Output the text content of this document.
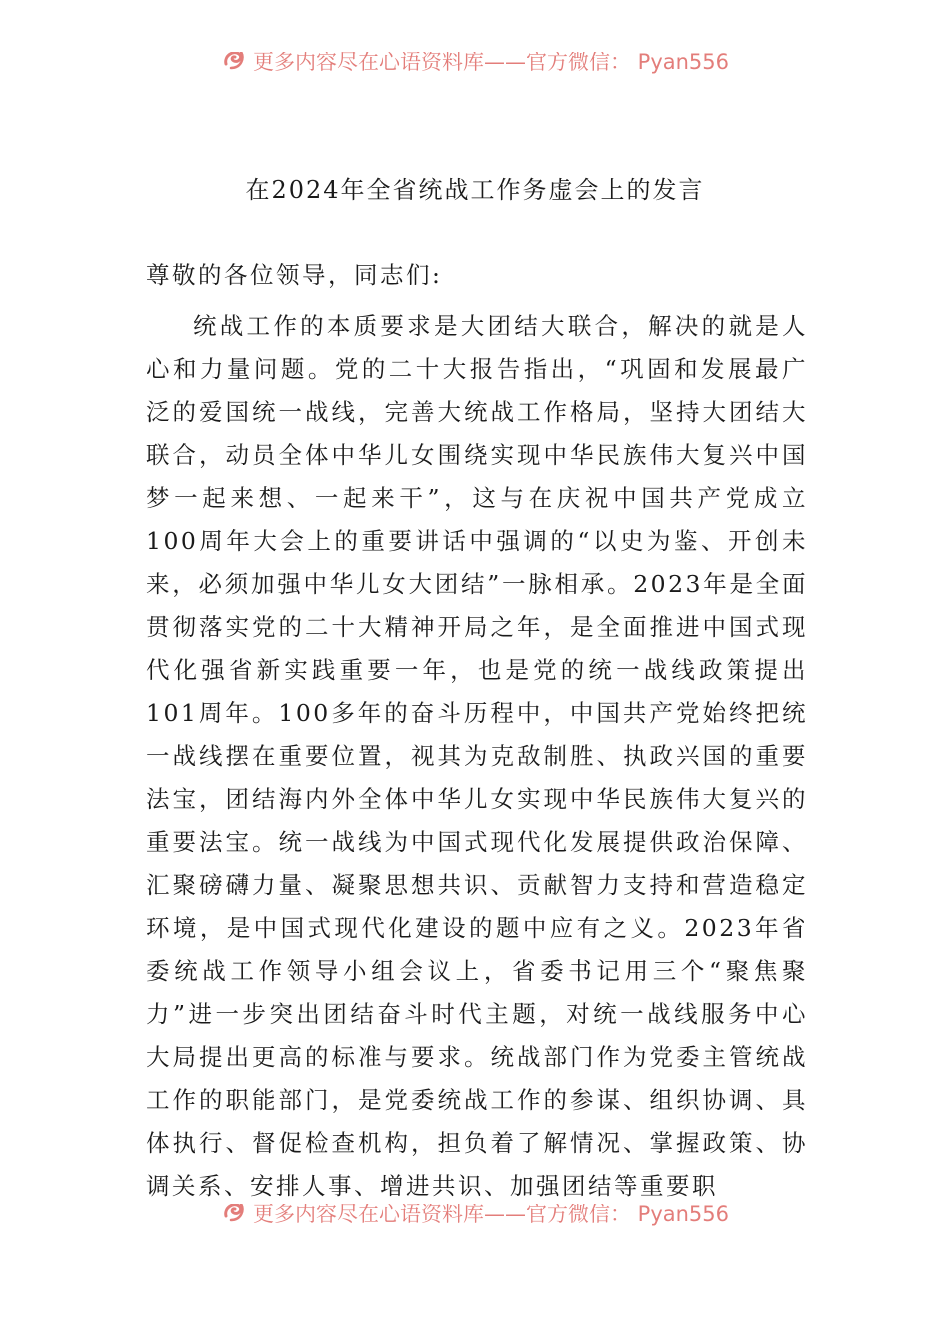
更多内容尽在心语资料库——官方微信： Pyan556
在2024年全省统战工作务虚会上的发言

尊敬的各位领导，同志们:

统战工作的本质要求是大团结大联合，解决的就是人心和力量问题。党的二十大报告指出，“巩固和发展最广泛的爱国统一战线，完善大统战工作格局，坚持大团结大联合，动员全体中华儿女围绕实现中华民族伟大复兴中国梦一起来想、一起来干”，这与在庆祝中国共产党成立100周年大会上的重要讲话中强调的“以史为鉴、开创未来，必须加强中华儿女大团结”一脉相承。2023年是全面贯彻落实党的二十大精神开局之年，是全面推进中国式现代化强省新实践重要一年，也是党的统一战线政策提出101周年。100多年的奋斗历程中，中国共产党始终把统一战线摆在重要位置，视其为克敌制胜、执政兴国的重要法宝，团结海内外全体中华儿女实现中华民族伟大复兴的重要法宝。统一战线为中国式现代化发展提供政治保障、汇聚磅礴力量、凝聚思想共识、贡献智力支持和营造稳定环境，是中国式现代化建设的题中应有之义。2023年省委统战工作领导小组会议上，省委书记用三个“聚焦聚力”进一步突出团结奋斗时代主题，对统一战线服务中心大局提出更高的标准与要求。统战部门作为党委主管统战工作的职能部门，是党委统战工作的参谋、组织协调、具体执行、督促检查机构，担负着了解情况、掌握政策、协调关系、安排人事、增进共识、加强团结等重要职

更多内容尽在心语资料库——官方微信： Pyan556
